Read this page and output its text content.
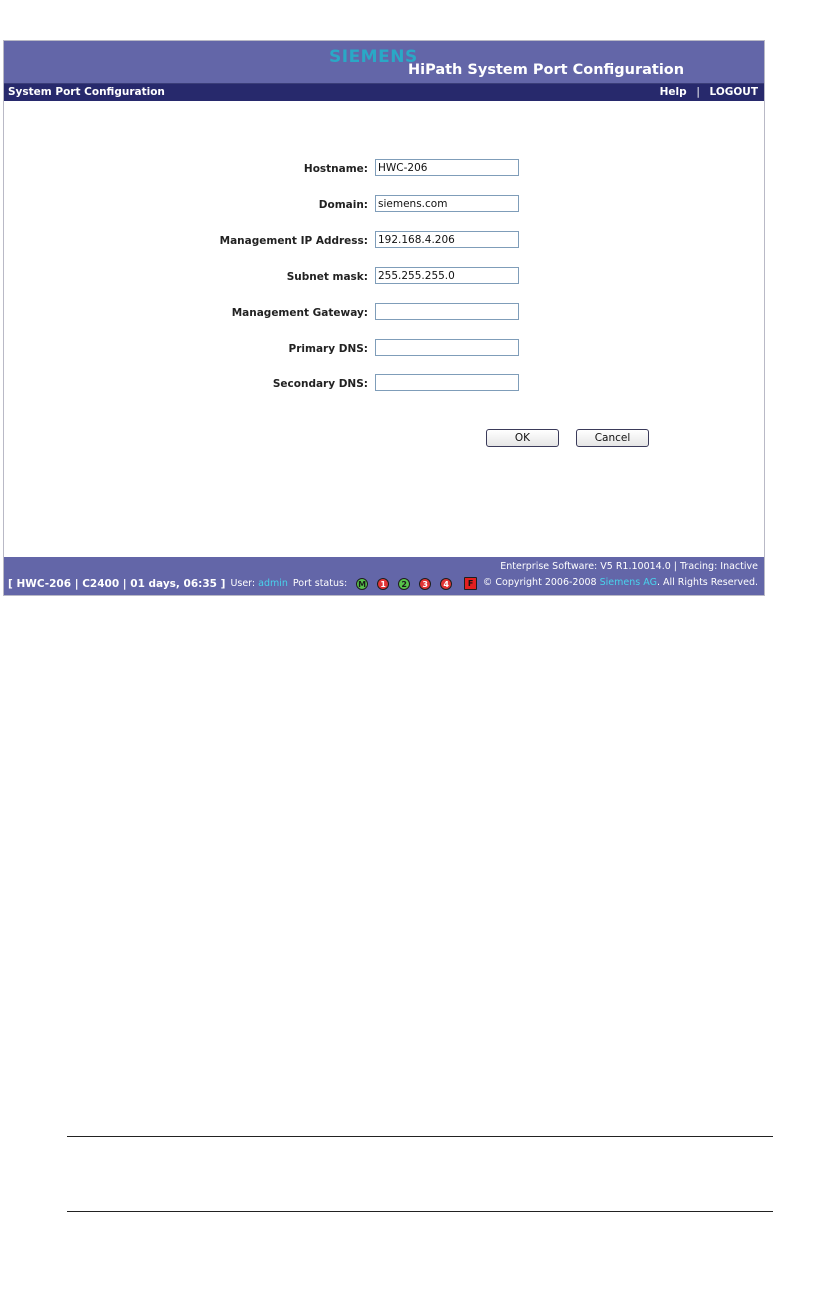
SIEMENS
HiPath System Port Configuration
System Port Configuration	Help | LOGOUT
Hostname:
HWC-206
Domain:
siemens.com
Management IP Address:
192.168.4.206
Subnet mask:
255.255.255.0
Management Gateway:
Primary DNS:
Secondary DNS:
OK	Cancel
Enterprise Software: V5 R1.10014.0 | Tracing: Inactive
[ HWC-206 | C2400 | 01 days, 06:35 ] User: admin Port status: M	1	2	3	4	F © Copyright 2006-2008 Siemens AG. All Rights Reserved.
